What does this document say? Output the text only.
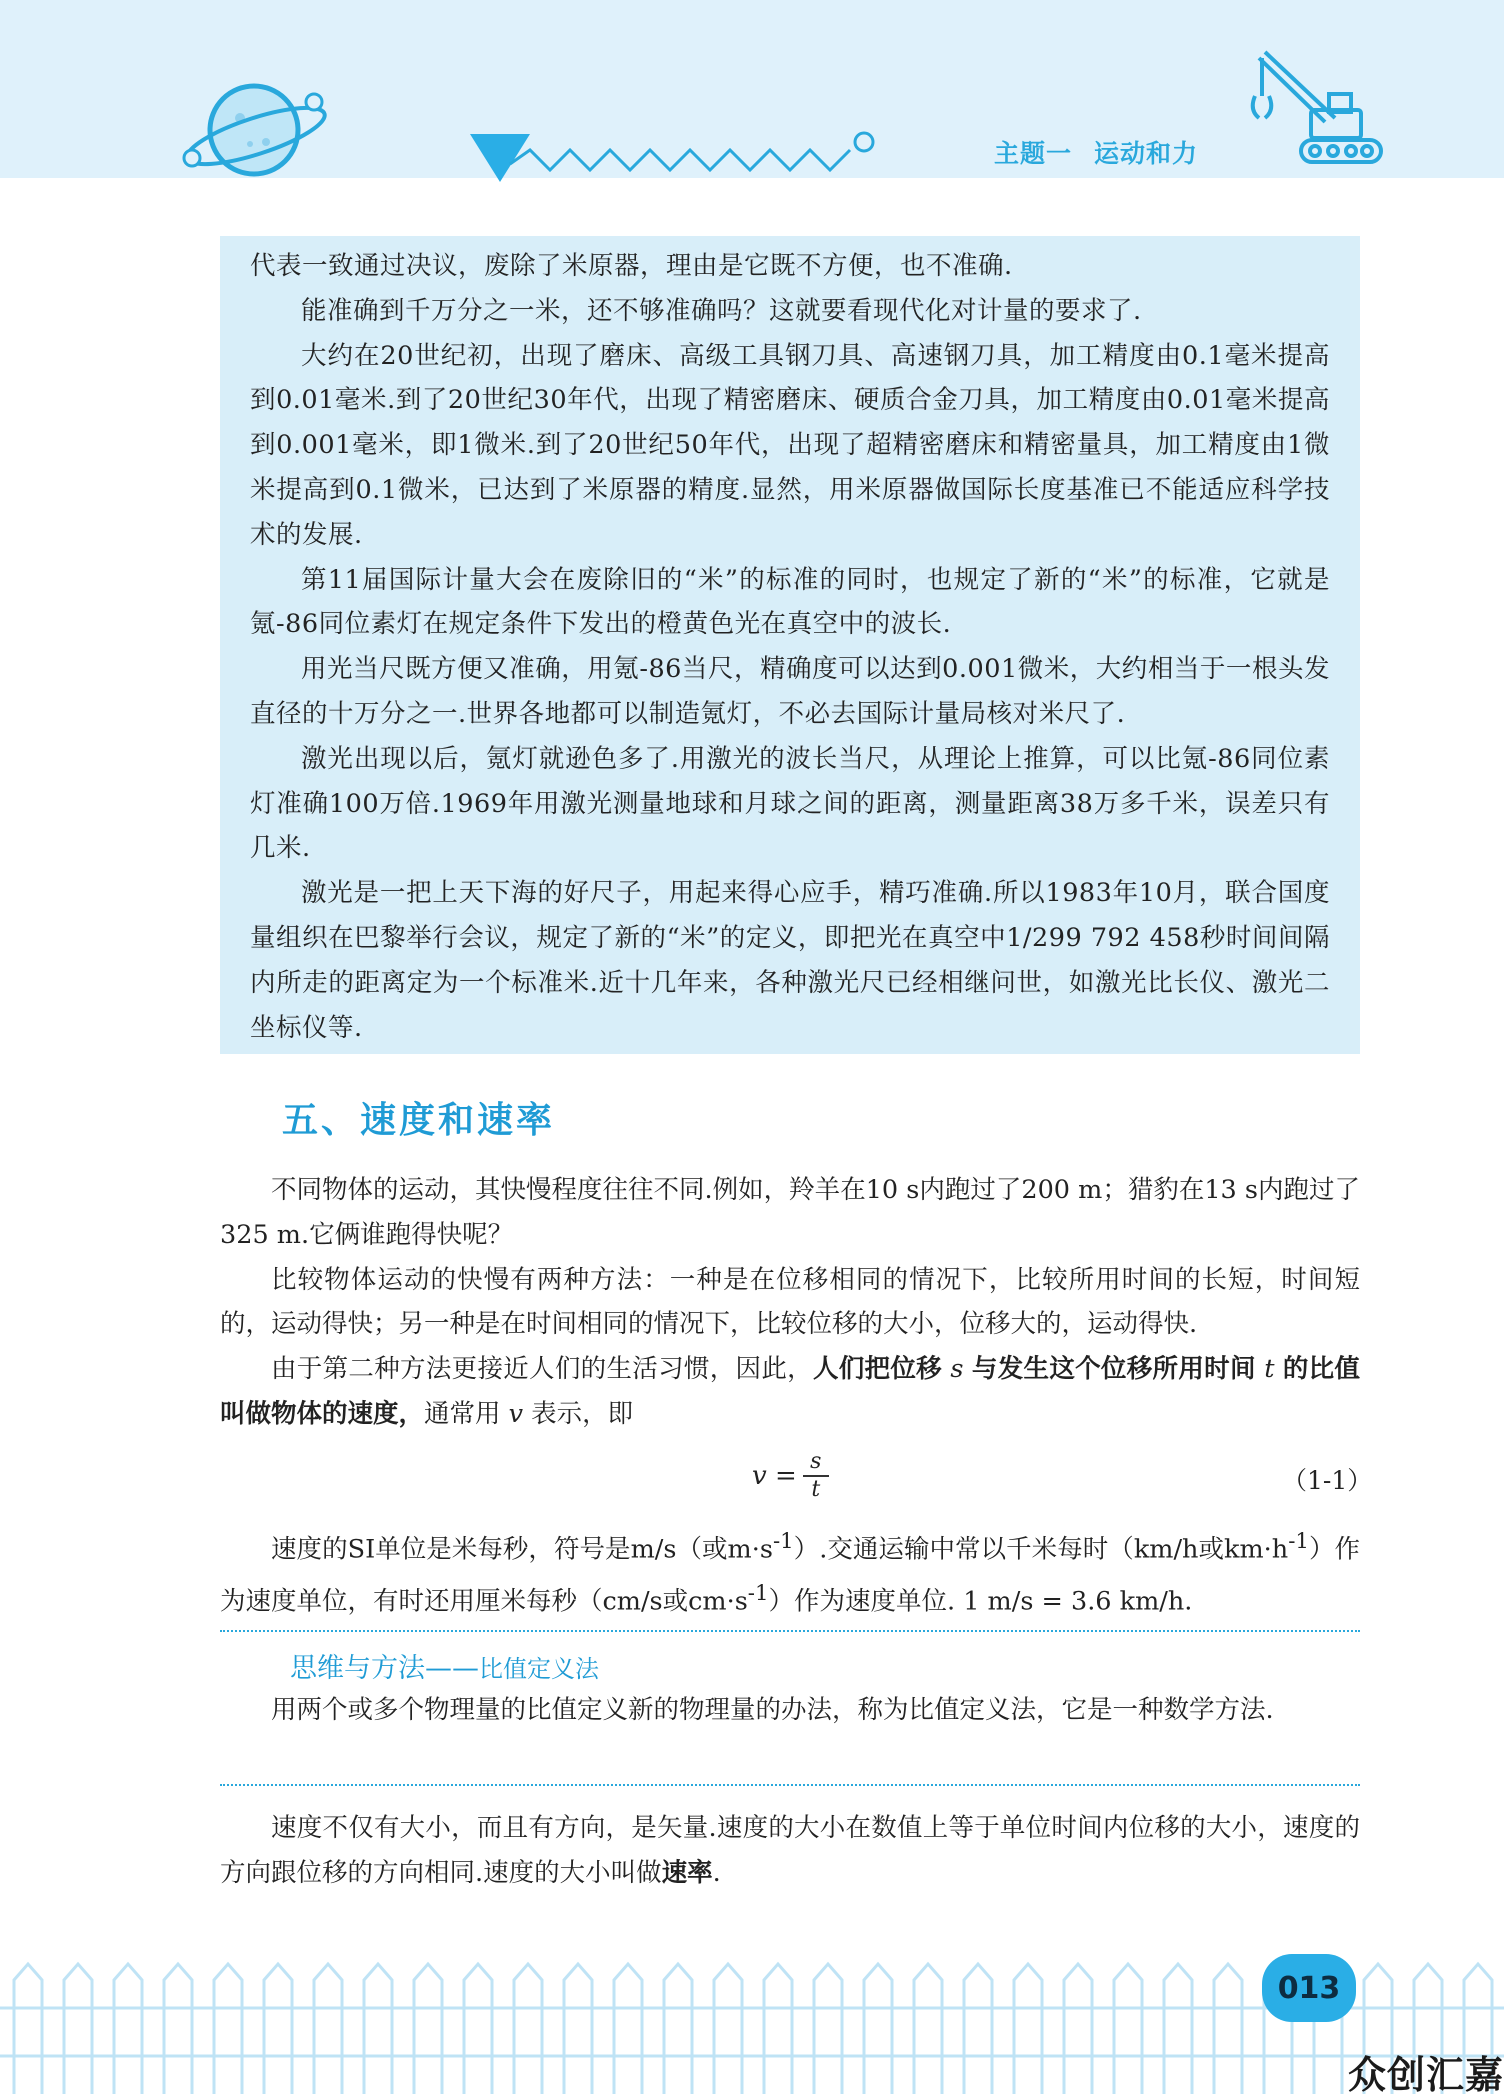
主题一 运动和力

代表一致通过决议，废除了米原器，理由是它既不方便，也不准确.

能准确到千万分之一米，还不够准确吗？这就要看现代化对计量的要求了.

大约在20世纪初，出现了磨床、高级工具钢刀具、高速钢刀具，加工精度由0.1毫米提高到0.01毫米.到了20世纪30年代，出现了精密磨床、硬质合金刀具，加工精度由0.01毫米提高到0.001毫米，即1微米.到了20世纪50年代，出现了超精密磨床和精密量具，加工精度由1微米提高到0.1微米，已达到了米原器的精度.显然，用米原器做国际长度基准已不能适应科学技术的发展.

第11届国际计量大会在废除旧的“米”的标准的同时，也规定了新的“米”的标准，它就是氪-86同位素灯在规定条件下发出的橙黄色光在真空中的波长.

用光当尺既方便又准确，用氪-86当尺，精确度可以达到0.001微米，大约相当于一根头发直径的十万分之一.世界各地都可以制造氪灯，不必去国际计量局核对米尺了.

激光出现以后，氪灯就逊色多了.用激光的波长当尺，从理论上推算，可以比氪-86同位素灯准确100万倍.1969年用激光测量地球和月球之间的距离，测量距离38万多千米，误差只有几米.

激光是一把上天下海的好尺子，用起来得心应手，精巧准确.所以1983年10月，联合国度量组织在巴黎举行会议，规定了新的“米”的定义，即把光在真空中1/299 792 458秒时间间隔内所走的距离定为一个标准米.近十几年来，各种激光尺已经相继问世，如激光比长仪、激光二坐标仪等.

五、速度和速率

不同物体的运动，其快慢程度往往不同.例如，羚羊在10 s内跑过了200 m；猎豹在13 s内跑过了325 m.它俩谁跑得快呢？

比较物体运动的快慢有两种方法：一种是在位移相同的情况下，比较所用时间的长短，时间短的，运动得快；另一种是在时间相同的情况下，比较位移的大小，位移大的，运动得快.

由于第二种方法更接近人们的生活习惯，因此，人们把位移 s 与发生这个位移所用时间 t 的比值叫做物体的速度，通常用 v 表示，即

$v = \frac{s}{t}$	（1-1）

速度的SI单位是米每秒，符号是m/s（或$m\cdot s^{-1}$）.交通运输中常以千米每时（km/h或$km\cdot h^{-1}$）作为速度单位，有时还用厘米每秒（cm/s或$cm\cdot s^{-1}$）作为速度单位. 1 m/s = 3.6 km/h.

思维与方法——比值定义法

用两个或多个物理量的比值定义新的物理量的办法，称为比值定义法，它是一种数学方法.

速度不仅有大小，而且有方向，是矢量.速度的大小在数值上等于单位时间内位移的大小，速度的方向跟位移的方向相同.速度的大小叫做速率.

013
众创汇嘉
